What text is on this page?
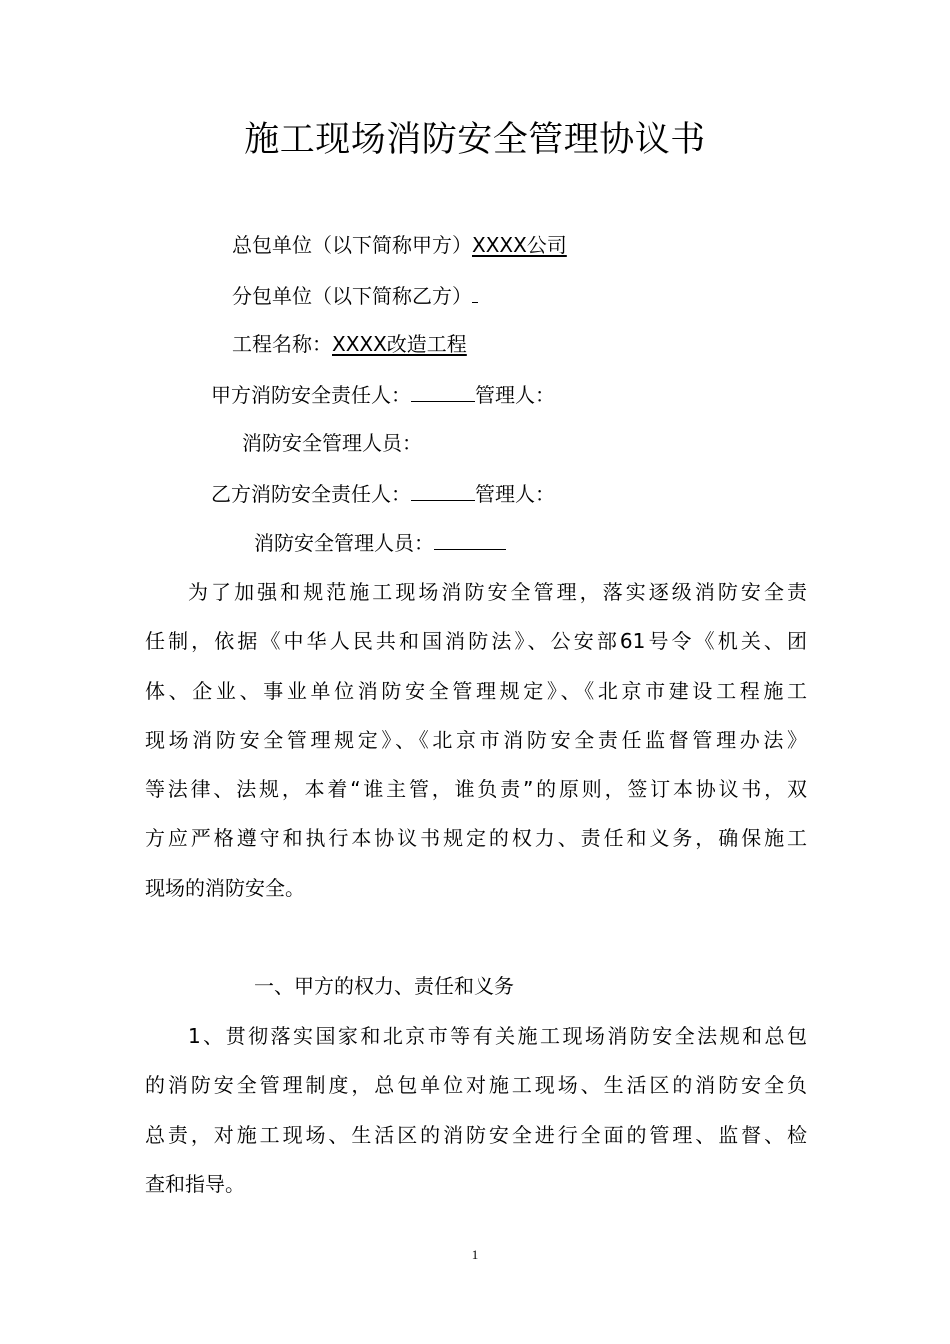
施工现场消防安全管理协议书
总包单位（以下简称甲方）XXXX公司
分包单位（以下简称乙方）
工程名称：XXXX改造工程
甲方消防安全责任人：	管理人：
消防安全管理人员：
乙方消防安全责任人：	管理人：
消防安全管理人员：
为了加强和规范施工现场消防安全管理，落实逐级消防安全责
任制，依据《中华人民共和国消防法》、公安部61号令《机关、团
体、企业、事业单位消防安全管理规定》、《北京市建设工程施工
现场消防安全管理规定》、《北京市消防安全责任监督管理办法》
等法律、法规，本着“谁主管，谁负责”的原则，签订本协议书，双
方应严格遵守和执行本协议书规定的权力、责任和义务，确保施工
现场的消防安全。
一、甲方的权力、责任和义务
1、贯彻落实国家和北京市等有关施工现场消防安全法规和总包
的消防安全管理制度，总包单位对施工现场、生活区的消防安全负
总责，对施工现场、生活区的消防安全进行全面的管理、监督、检
查和指导。
1
